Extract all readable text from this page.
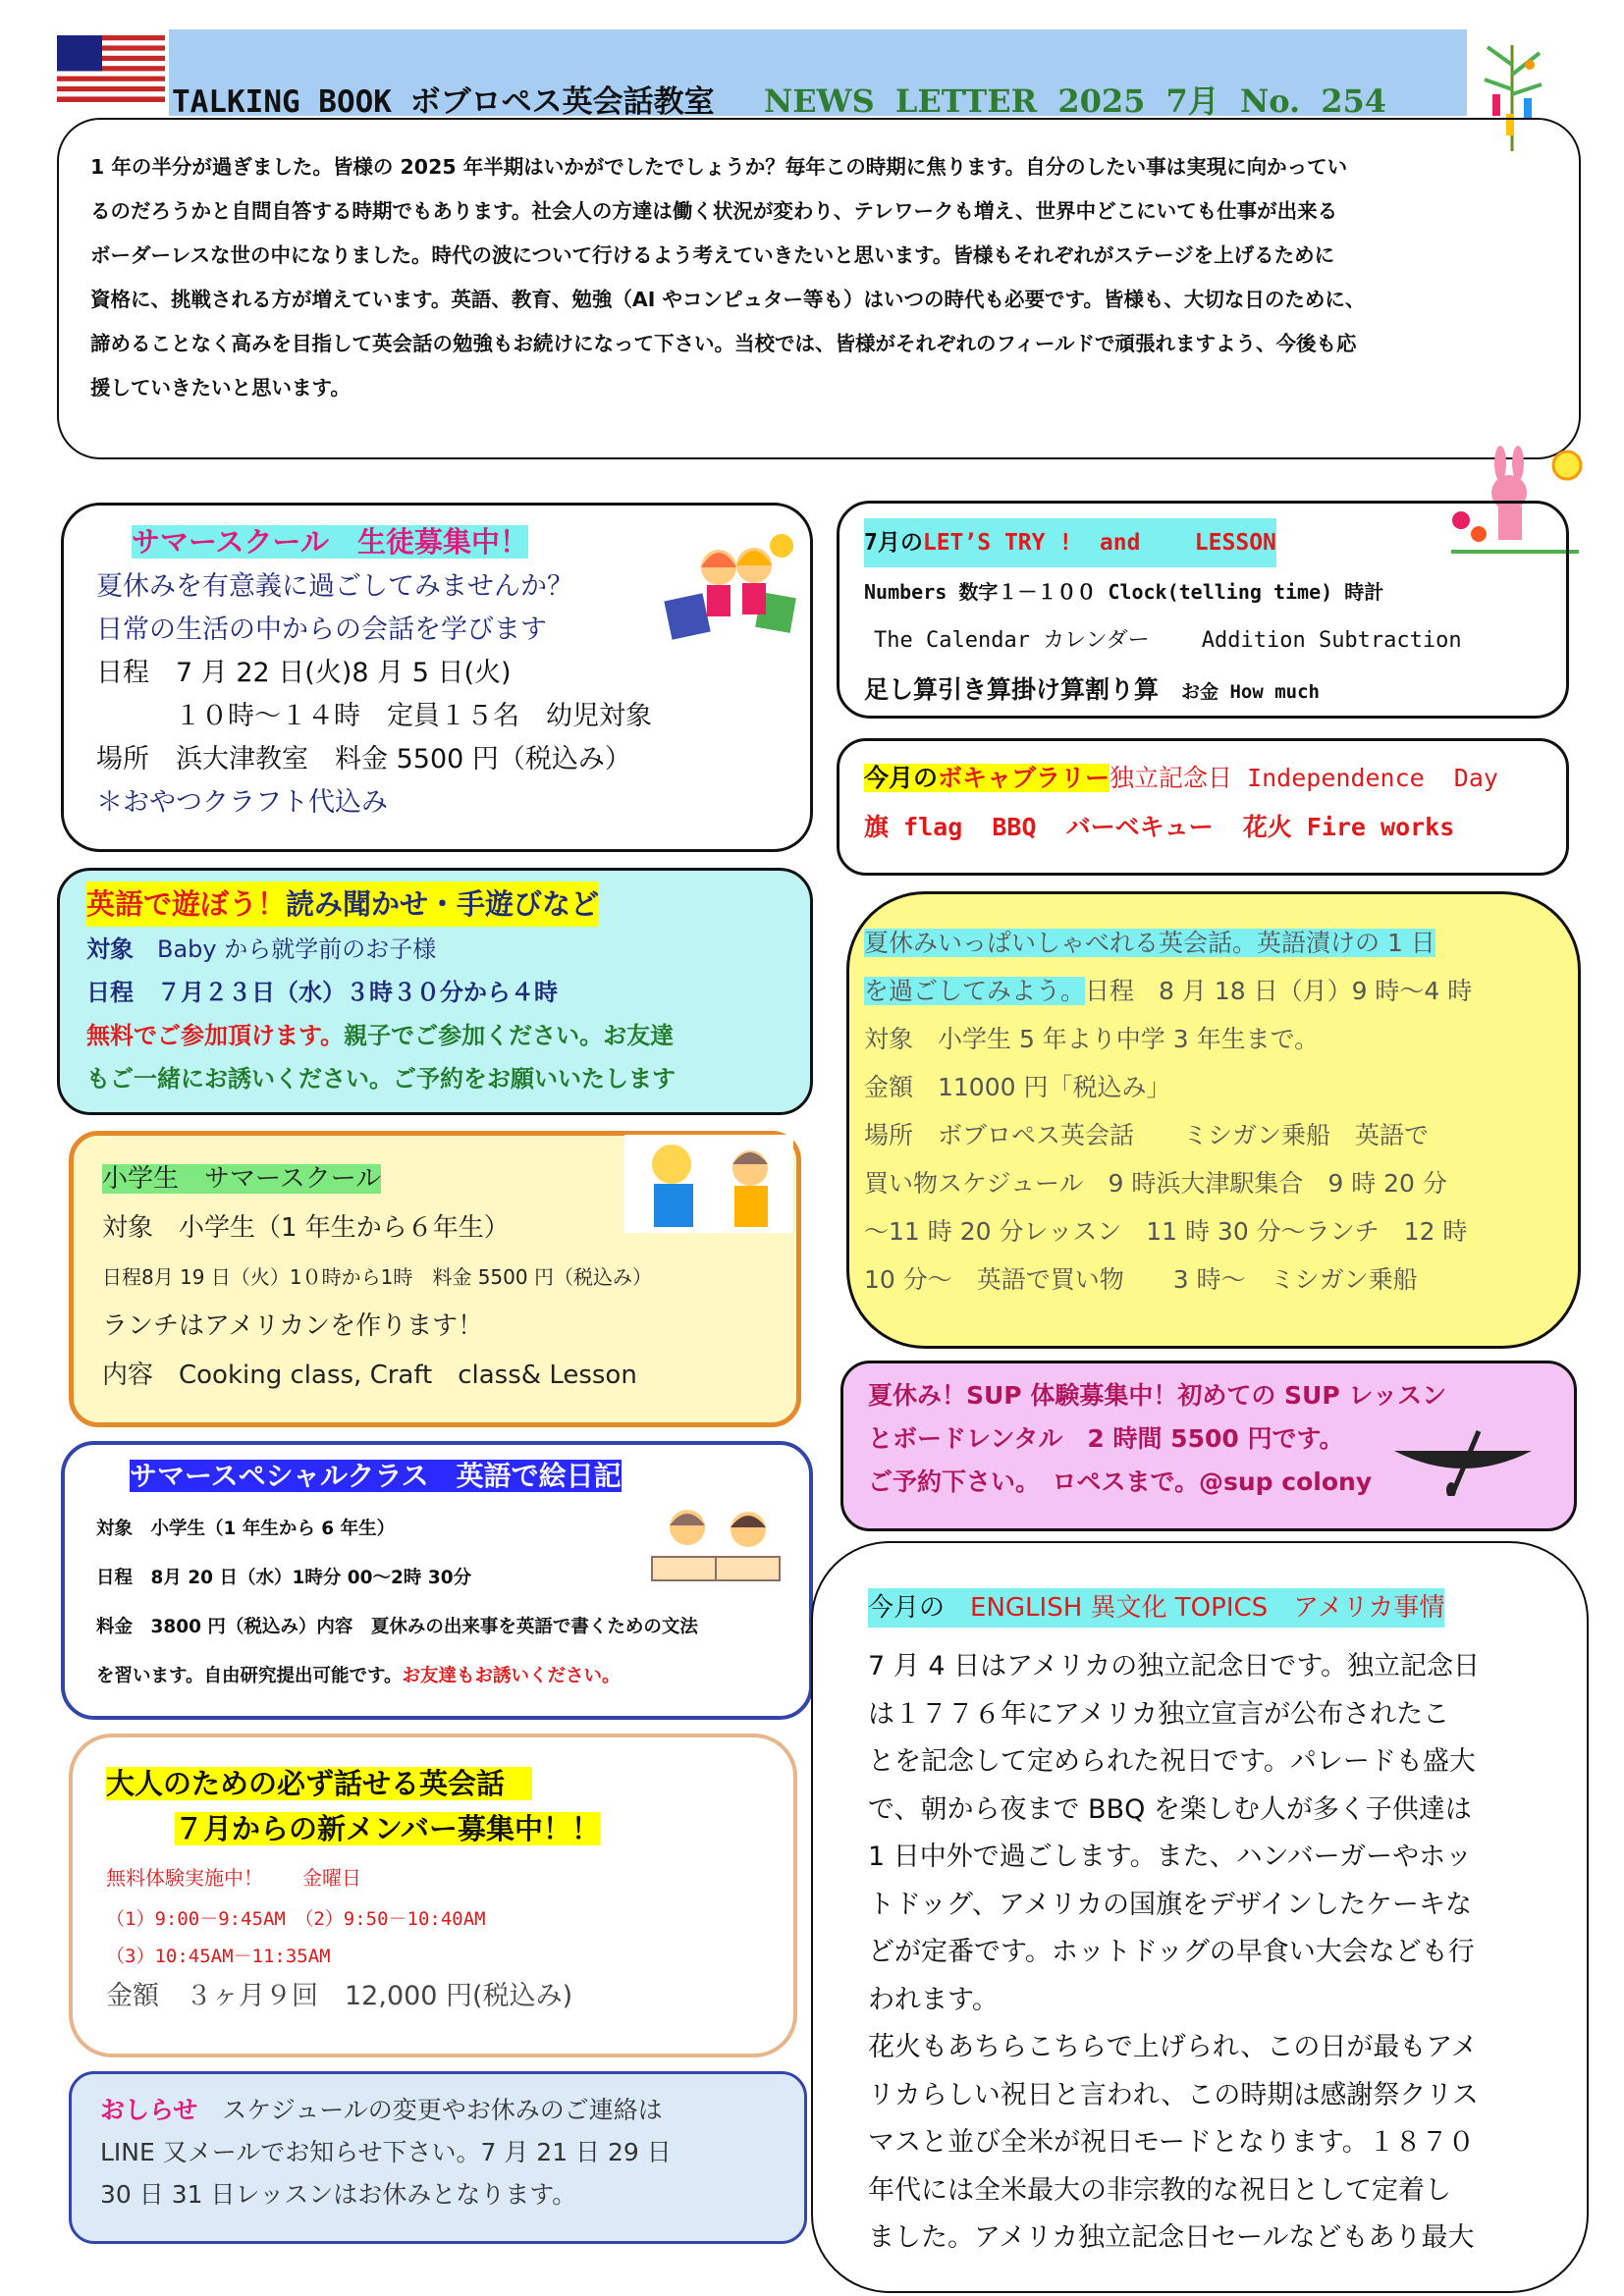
TALKING BOOK ボブロペス英会話教室 NEWS LETTER 2025 7月 No. 254
1 年の半分が過ぎました。皆様の 2025 年半期はいかがでしたでしょうか？毎年この時期に焦ります。自分のしたい事は実現に向かってい
るのだろうかと自問自答する時期でもあります。社会人の方達は働く状況が変わり、テレワークも増え、世界中どこにいても仕事が出来る
ボーダーレスな世の中になりました。時代の波について行けるよう考えていきたいと思います。皆様もそれぞれがステージを上げるために
資格に、挑戦される方が増えています。英語、教育、勉強（AI やコンピュター等も）はいつの時代も必要です。皆様も、大切な日のために、
諦めることなく高みを目指して英会話の勉強もお続けになって下さい。当校では、皆様がそれぞれのフィールドで頑張れますよう、今後も応
援していきたいと思います。
サマースクール　生徒募集中！
夏休みを有意義に過ごしてみませんか？
日常の生活の中からの会話を学びます
日程　7 月 22 日(火)8 月 5 日(火)
１０時～１４時　定員１５名　幼児対象
場所　浜大津教室　料金 5500 円（税込み）
＊おやつクラフト代込み
7月のLET’S TRY !  and    LESSON
Numbers 数字１－１００ Clock(telling time) 時計
The Calendar カレンダー    Addition Subtraction
足し算引き算掛け算割り算　 お金 How much
今月のボキャブラリー独立記念日 Independence  Day
旗 flag  BBQ  バーベキュー  花火 Fire works
英語で遊ぼう！読み聞かせ・手遊びなど
対象　 Baby から就学前のお子様
日程　 ７月２３日（水）３時３０分から４時
無料でご参加頂けます。親子でご参加ください。お友達
もご一緒にお誘いください。ご予約をお願いいたします
夏休みいっぱいしゃべれる英会話。英語漬けの 1 日
を過ごしてみよう。日程　8 月 18 日（月）9 時～4 時
対象　小学生 5 年より中学 3 年生まで。
金額　11000 円「税込み」
場所　ボブロペス英会話　　ミシガン乗船　英語で
買い物スケジュール　9 時浜大津駅集合　9 時 20 分
～11 時 20 分レッスン　11 時 30 分～ランチ　12 時
10 分～　英語で買い物　　3 時～　ミシガン乗船
小学生　サマースクール
対象　小学生（1 年生から６年生）
日程8月 19 日（火）1０時から1時　料金 5500 円（税込み）
ランチはアメリカンを作ります！
内容　Cooking class, Craft　class& Lesson
夏休み！SUP 体験募集中！初めての SUP レッスン
とボードレンタル　2 時間 5500 円です。
ご予約下さい。　ロペスまで。@sup colony
サマースペシャルクラス　英語で絵日記
対象　小学生（1 年生から 6 年生）
日程　8月 20 日（水）1時分 00～2時 30分
料金　3800 円（税込み）内容　夏休みの出来事を英語で書くための文法
を習います。自由研究提出可能です。お友達もお誘いください。
今月の　 ENGLISH 異文化 TOPICS　アメリカ事情
7 月 4 日はアメリカの独立記念日です。独立記念日
は１７７６年にアメリカ独立宣言が公布されたこ
とを記念して定められた祝日です。パレードも盛大
で、朝から夜まで BBQ を楽しむ人が多く子供達は
1 日中外で過ごします。また、ハンバーガーやホッ
トドッグ、アメリカの国旗をデザインしたケーキな
どが定番です。ホットドッグの早食い大会なども行
われます。
花火もあちらこちらで上げられ、この日が最もアメ
リカらしい祝日と言われ、この時期は感謝祭クリス
マスと並び全米が祝日モードとなります。１８７０
年代には全米最大の非宗教的な祝日として定着し
ました。アメリカ独立記念日セールなどもあり最大
大人のための必ず話せる英会話
７月からの新メンバー募集中！！
無料体験実施中！　　金曜日
（1）9:00－9:45AM　（2）9:50－10:40AM
（3）10:45AM－11:35AM
金額　３ヶ月９回　12,000 円(税込み)
おしらせ　 スケジュールの変更やお休みのご連絡は
LINE 又メールでお知らせ下さい。7 月 21 日 29 日
30 日 31 日レッスンはお休みとなります。
